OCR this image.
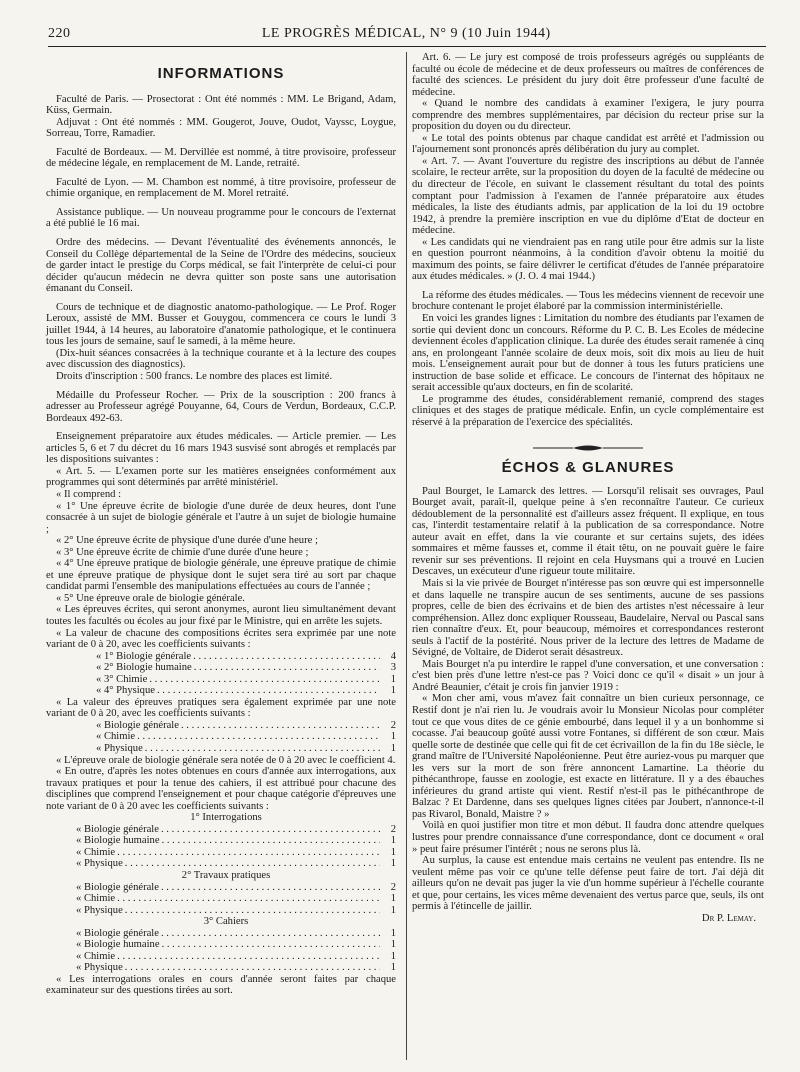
220	LE PROGRÈS MÉDICAL, N° 9 (10 Juin 1944)
INFORMATIONS

Faculté de Paris. — Prosectorat : Ont été nommés : MM. Le Brigand, Adam, Küss, Germain.

Adjuvat : Ont été nommés : MM. Gougerot, Jouve, Oudot, Vayssc, Loygue, Sorreau, Torre, Ramadier.

Faculté de Bordeaux. — M. Dervillée est nommé, à titre provisoire, professeur de médecine légale, en remplacement de M. Lande, retraité.

Faculté de Lyon. — M. Chambon est nommé, à titre provisoire, professeur de chimie organique, en remplacement de M. Morel retraité.

Assistance publique. — Un nouveau programme pour le concours de l'externat a été publié le 16 mai.

Ordre des médecins. — Devant l'éventualité des événements annoncés, le Conseil du Collège départemental de la Seine de l'Ordre des médecins, soucieux de garder intact le prestige du Corps médical, se fait l'interprète de celui-ci pour décider qu'aucun médecin ne devra quitter son poste sans une autorisation émanant du Conseil.

Cours de technique et de diagnostic anatomo-pathologique. — Le Prof. Roger Leroux, assisté de MM. Busser et Gouygou, commencera ce cours le lundi 3 juillet 1944, à 14 heures, au laboratoire d'anatomie pathologique, et le continuera tous les jours de semaine, sauf le samedi, à la même heure.

(Dix-huit séances consacrées à la technique courante et à la lecture des coupes avec discussion des diagnostics).

Droits d'inscription : 500 francs. Le nombre des places est limité.

Médaille du Professeur Rocher. — Prix de la souscription : 200 francs à adresser au Professeur agrégé Pouyanne, 64, Cours de Verdun, Bordeaux, C.C.P. Bordeaux 492-63.

Enseignement préparatoire aux études médicales. — Article premier. — Les articles 5, 6 et 7 du décret du 16 mars 1943 susvisé sont abrogés et remplacés par les dispositions suivantes :

« Art. 5. — L'examen porte sur les matières enseignées conformément aux programmes qui sont déterminés par arrêté ministériel.

« Il comprend :

« 1° Une épreuve écrite de biologie d'une durée de deux heures, dont l'une consacrée à un sujet de biologie générale et l'autre à un sujet de biologie humaine ;

« 2° Une épreuve écrite de physique d'une durée d'une heure ;

« 3° Une épreuve écrite de chimie d'une durée d'une heure ;

« 4° Une épreuve pratique de biologie générale, une épreuve pratique de chimie et une épreuve pratique de physique dont le sujet sera tiré au sort par chaque candidat parmi l'ensemble des manipulations effectuées au cours de l'année ;

« 5° Une épreuve orale de biologie générale.

« Les épreuves écrites, qui seront anonymes, auront lieu simultanément devant toutes les facultés ou écoles au jour fixé par le Ministre, qui en arrête les sujets.

« La valeur de chacune des compositions écrites sera exprimée par une note variant de 0 à 20, avec les coefficients suivants :

« 1° Biologie générale . . .	4
« 2° Biologie humaine . . .	3
« 3° Chimie . . .	1
« 4° Physique . . .	1

« La valeur des épreuves pratiques sera également exprimée par une note variant de 0 à 20, avec les coefficients suivants :

« Biologie générale . . .	2
« Chimie . . .	1
« Physique . . .	1

« L'épreuve orale de biologie générale sera notée de 0 à 20 avec le coefficient 4.

« En outre, d'après les notes obtenues en cours d'année aux interrogations, aux travaux pratiques et pour la tenue des cahiers, il est attribué pour chacune des disciplines que comprend l'enseignement et pour chaque catégorie d'épreuves une note variant de 0 à 20 avec les coefficients suivants :

1° Interrogations

« Biologie générale . . .	2
« Biologie humaine . . .	1
« Chimie . . .	1
« Physique . . .	1

2° Travaux pratiques

« Biologie générale . . .	2
« Chimie . . .	1
« Physique . . .	1

3° Cahiers

« Biologie générale . . .	1
« Biologie humaine . . .	1
« Chimie . . .	1
« Physique . . .	1

« Les interrogations orales en cours d'année seront faites par chaque examinateur sur des questions tirées au sort.

Art. 6. — Le jury est composé de trois professeurs agrégés ou suppléants de faculté ou école de médecine et de deux professeurs ou maîtres de conférences de faculté des sciences. Le président du jury doit être professeur d'une faculté de médecine.

« Quand le nombre des candidats à examiner l'exigera, le jury pourra comprendre des membres supplémentaires, par décision du recteur prise sur la proposition du doyen ou du directeur.

« Le total des points obtenus par chaque candidat est arrêté et l'admission ou l'ajournement sont prononcés après délibération du jury au complet.

« Art. 7. — Avant l'ouverture du registre des inscriptions au début de l'année scolaire, le recteur arrête, sur la proposition du doyen de la faculté de médecine ou du directeur de l'école, en suivant le classement résultant du total des points comptant pour l'admission à l'examen de l'année préparatoire aux études médicales, la liste des étudiants admis, par application de la loi du 19 octobre 1942, à prendre la première inscription en vue du diplôme d'Etat de docteur en médecine.

« Les candidats qui ne viendraient pas en rang utile pour être admis sur la liste en question pourront néanmoins, à la condition d'avoir obtenu la moitié du maximum des points, se faire délivrer le certificat d'études de l'année préparatoire aux études médicales. » (J. O. 4 mai 1944.)

La réforme des études médicales. — Tous les médecins viennent de recevoir une brochure contenant le projet élaboré par la commission interministérielle.

En voici les grandes lignes : Limitation du nombre des étudiants par l'examen de sortie qui devient donc un concours. Réforme du P. C. B. Les Ecoles de médecine deviennent écoles d'application clinique. La durée des études serait ramenée à cinq ans, en prolongeant l'année scolaire de deux mois, soit dix mois au lieu de huit mois. L'enseignement aurait pour but de donner à tous les futurs praticiens une instruction de base solide et efficace. Le concours de l'internat des hôpitaux ne serait accessible qu'aux docteurs, en fin de scolarité.

Le programme des études, considérablement remanié, comprend des stages cliniques et des stages de pratique médicale. Enfin, un cycle complémentaire est réservé à la préparation de l'exercice des spécialités.

ÉCHOS & GLANURES

Paul Bourget, le Lamarck des lettres. — Lorsqu'il relisait ses ouvrages, Paul Bourget avait, paraît-il, quelque peine à s'en reconnaître l'auteur. Ce curieux dédoublement de la personnalité est d'ailleurs assez fréquent. Il explique, en tous cas, l'interdit testamentaire relatif à la publication de sa correspondance. Notre auteur avait en effet, dans la vie courante et sur certains sujets, des idées sommaires et même fausses et, comme il était têtu, on ne pouvait guère le faire revenir sur ses préventions. Il rejoint en cela Huysmans qui a trouvé en Lucien Descaves, un exécuteur d'une rigueur toute militaire.

Mais si la vie privée de Bourget n'intéresse pas son œuvre qui est impersonnelle et dans laquelle ne transpire aucun de ses sentiments, aucune de ses passions propres, celle de bien des écrivains et de bien des artistes n'est nécessaire à leur compréhension. Allez donc expliquer Rousseau, Baudelaire, Nerval ou Pascal sans rien connaître d'eux. Et, pour beaucoup, mémoires et correspondances resteront seuls à l'actif de la postérité. Nous priver de la lecture des lettres de Madame de Sévigné, de Voltaire, de Diderot serait désastreux.

Mais Bourget n'a pu interdire le rappel d'une conversation, et une conversation : c'est bien près d'une lettre n'est-ce pas ? Voici donc ce qu'il « disait » un jour à André Beaunier, c'était je crois fin janvier 1919 :

« Mon cher ami, vous m'avez fait connaître un bien curieux personnage, ce Restif dont je n'ai rien lu. Je voudrais avoir lu Monsieur Nicolas pour compléter tout ce que vous dites de ce génie embourbé, dans lequel il y a un bonhomme si cocasse. J'ai beaucoup goûté aussi votre Fontanes, si différent de son cœur. Mais quelle sorte de destinée que celle qui fit de cet écrivaillon de la fin du 18e siècle, le grand maître de l'Université Napoléonienne. Peut être auriez-vous pu marquer que les vers sur la mort de son frère annoncent Lamartine. La théorie du pithécanthrope, fausse en zoologie, est exacte en littérature. Il y a des ébauches inférieures du grand artiste qui vient. Restif n'est-il pas le pithécanthrope de Balzac ? Et Dardenne, dans ses quelques lignes citées par Joubert, n'annonce-t-il pas Rivarol, Bonald, Maistre ? »

Voilà en quoi justifier mon titre et mon début. Il faudra donc attendre quelques lustres pour prendre connaissance d'une correspondance, dont ce document « oral » peut faire présumer l'intérêt ; nous ne serons plus là.

Au surplus, la cause est entendue mais certains ne veulent pas entendre. Ils ne veulent même pas voir ce qu'une telle défense peut faire de tort. J'ai déjà dit ailleurs qu'on ne devait pas juger la vie d'un homme supérieur à l'échelle courante et que, pour certains, les vices même devenaient des vertus parce que, seuls, ils ont permis à l'étincelle de jaillir.

Dr P. Lemay.
